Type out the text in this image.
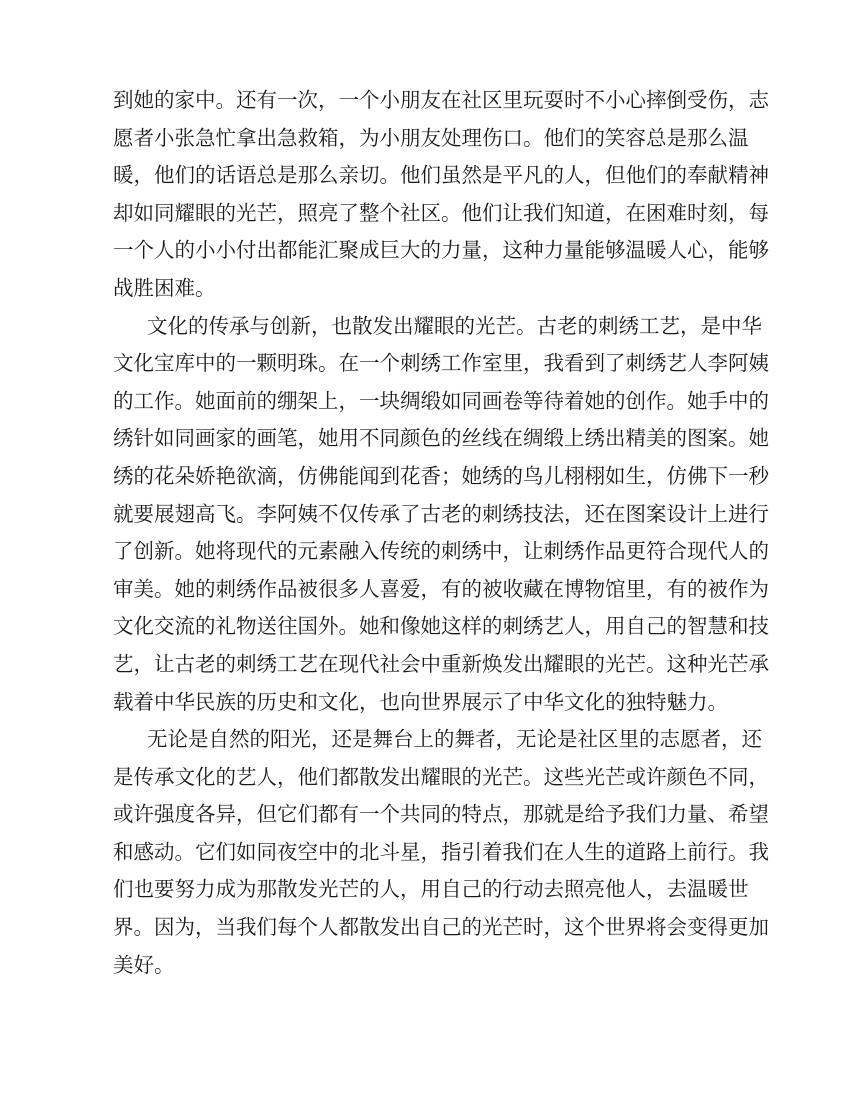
到她的家中。还有一次，一个小朋友在社区里玩耍时不小心摔倒受伤，志
愿者小张急忙拿出急救箱，为小朋友处理伤口。他们的笑容总是那么温
暖，他们的话语总是那么亲切。他们虽然是平凡的人，但他们的奉献精神
却如同耀眼的光芒，照亮了整个社区。他们让我们知道，在困难时刻，每
一个人的小小付出都能汇聚成巨大的力量，这种力量能够温暖人心，能够
战胜困难。
文化的传承与创新，也散发出耀眼的光芒。古老的刺绣工艺，是中华
文化宝库中的一颗明珠。在一个刺绣工作室里，我看到了刺绣艺人李阿姨
的工作。她面前的绷架上，一块绸缎如同画卷等待着她的创作。她手中的
绣针如同画家的画笔，她用不同颜色的丝线在绸缎上绣出精美的图案。她
绣的花朵娇艳欲滴，仿佛能闻到花香；她绣的鸟儿栩栩如生，仿佛下一秒
就要展翅高飞。李阿姨不仅传承了古老的刺绣技法，还在图案设计上进行
了创新。她将现代的元素融入传统的刺绣中，让刺绣作品更符合现代人的
审美。她的刺绣作品被很多人喜爱，有的被收藏在博物馆里，有的被作为
文化交流的礼物送往国外。她和像她这样的刺绣艺人，用自己的智慧和技
艺，让古老的刺绣工艺在现代社会中重新焕发出耀眼的光芒。这种光芒承
载着中华民族的历史和文化，也向世界展示了中华文化的独特魅力。
无论是自然的阳光，还是舞台上的舞者，无论是社区里的志愿者，还
是传承文化的艺人，他们都散发出耀眼的光芒。这些光芒或许颜色不同，
或许强度各异，但它们都有一个共同的特点，那就是给予我们力量、希望
和感动。它们如同夜空中的北斗星，指引着我们在人生的道路上前行。我
们也要努力成为那散发光芒的人，用自己的行动去照亮他人，去温暖世
界。因为，当我们每个人都散发出自己的光芒时，这个世界将会变得更加
美好。
